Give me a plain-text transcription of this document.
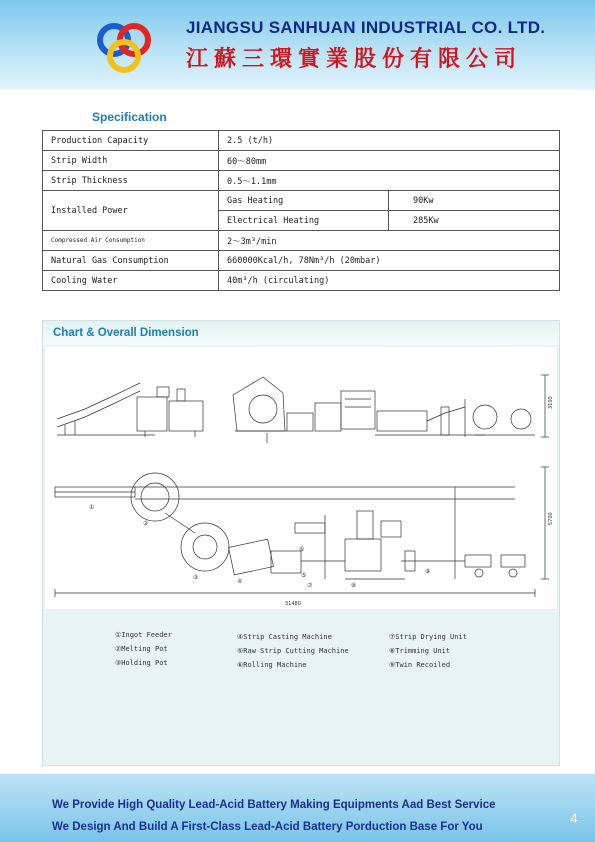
JIANGSU SANHUAN INDUSTRIAL CO. LTD.
江蘇三環實業股份有限公司
Specification
Production Capacity	2.5 (t/h)	
Strip Width	60～80mm	
Strip Thickness	0.5～1.1mm	
Installed Power	Gas Heating	90Kw
	Electrical Heating	285Kw
Compressed Air Consumption	2～3m³/min	
Natural Gas Consumption	660000Kcal/h, 78Nm³/h (20mbar)	
Cooling Water	40m³/h (circulating)	
Chart & Overall Dimension
3100
5700
31480
①
②
③
④
⑤
⑥
⑦	⑧
⑨
①Ingot Feeder
②Melting Pot
③Holding Pot
④Strip Casting Machine
⑤Raw Strip Cutting Machine
⑥Rolling Machine
⑦Strip Drying Unit
⑧Trimming Unit
⑨Twin Recoiled
We Provide High Quality Lead-Acid Battery Making Equipments Aad Best Service
We Design And Build A First-Class Lead-Acid Battery Porduction Base For You
4
